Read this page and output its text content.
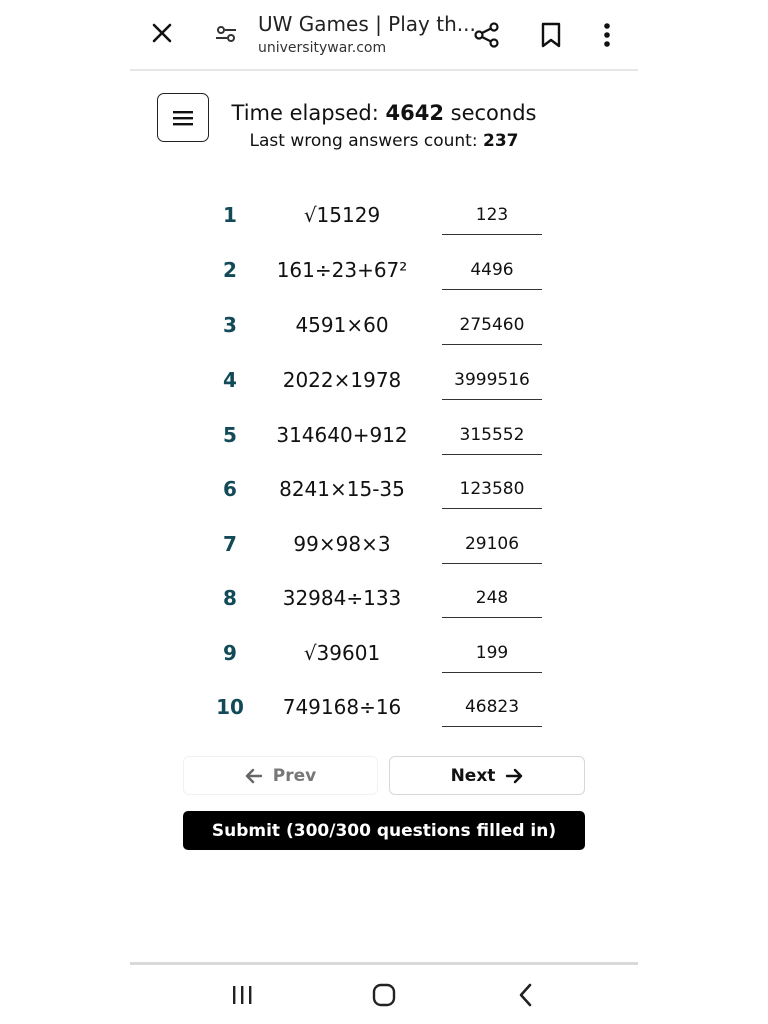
UW Games | Play th...
universitywar.com
Time elapsed: 4642 seconds
Last wrong answers count: 237
1	√15129	123
2	161÷23+67²	4496
3	4591×60	275460
4	2022×1978	3999516
5	314640+912	315552
6	8241×15-35	123580
7	99×98×3	29106
8	32984÷133	248
9	√39601	199
10	749168÷16	46823
Prev	Next
Submit (300/300 questions filled in)
